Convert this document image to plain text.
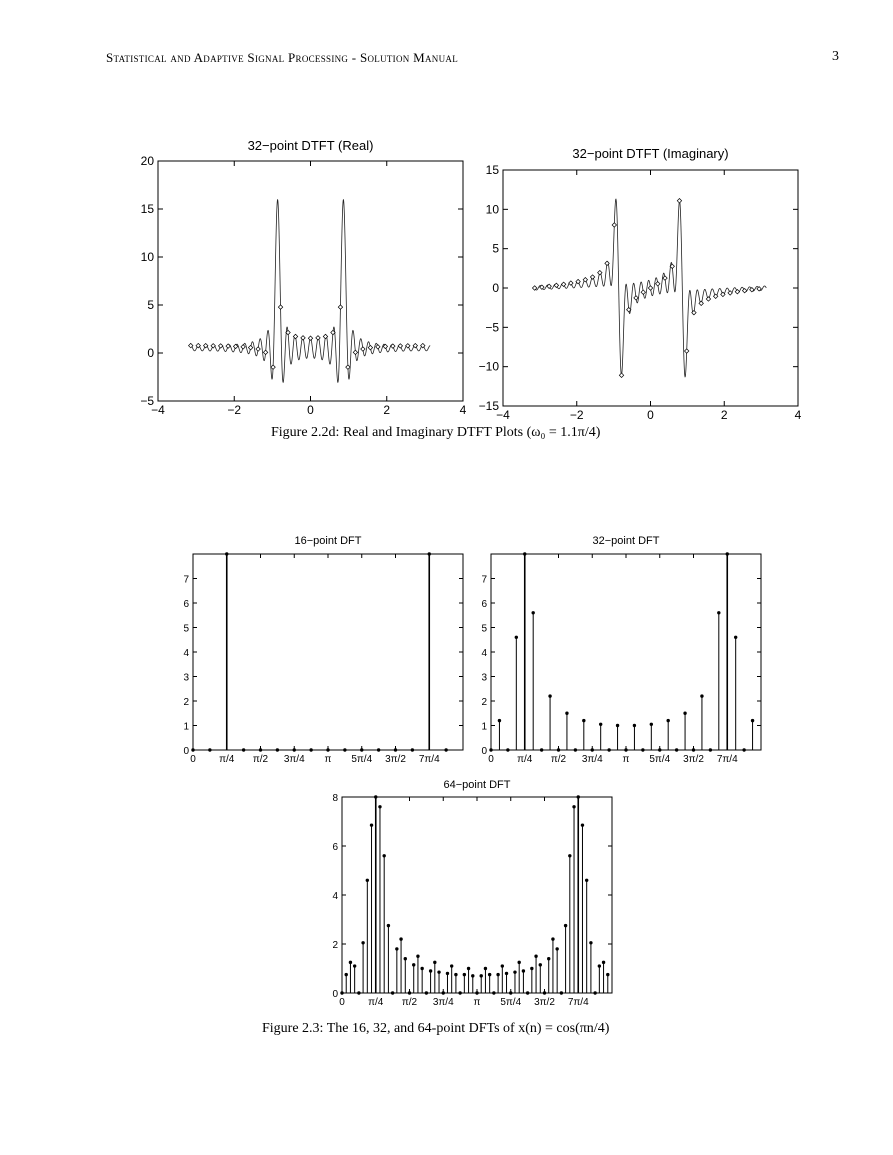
Statistical and Adaptive Signal Processing - Solution Manual	3
32−point DTFT (Real)
−4	−2	0	2	4
−5
0
5
10
15
20	32−point DTFT (Imaginary)
−4	−2	0	2	4
−15
−10
−5
0
5
10
15
Figure 2.2d: Real and Imaginary DTFT Plots (ω₀ = 1.1π/4)
16−point DFT
0
1
2
3
4
5
6
7
0 π/4 π/2 3π/4 π 5π/4 3π/2 7π/4
32−point DFT
0
1
2
3
4
5
6
7
0 π/4 π/2 3π/4 π 5π/4 3π/2 7π/4
64−point DFT
0
2
4
6
8
0 π/4 π/2 3π/4 π 5π/4 3π/2 7π/4
Figure 2.3: The 16, 32, and 64-point DFTs of x(n) = cos(πn/4)
